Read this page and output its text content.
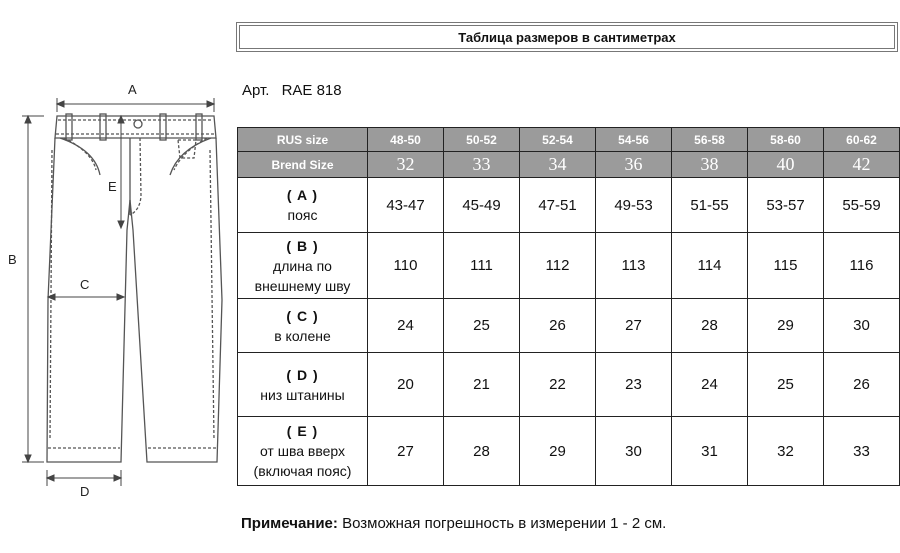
A
B
C
D
E
Таблица размеров в сантиметрах
Арт. RAE 818
RUS size	48-50	50-52	52-54	54-56	56-58	58-60	60-62
Brend Size	32	33	34	36	38	40	42

( A )
пояс	43-47	45-49	47-51	49-53	51-55	53-57	55-59

( B )
длина по
внешнему шву	110	111	112	113	114	115	116

( C )
в колене	24	25	26	27	28	29	30

( D )
низ штанины	20	21	22	23	24	25	26

( E )
от шва вверх
(включая пояс)	27	28	29	30	31	32	33
Примечание: Возможная погрешность в измерении 1 - 2 см.
